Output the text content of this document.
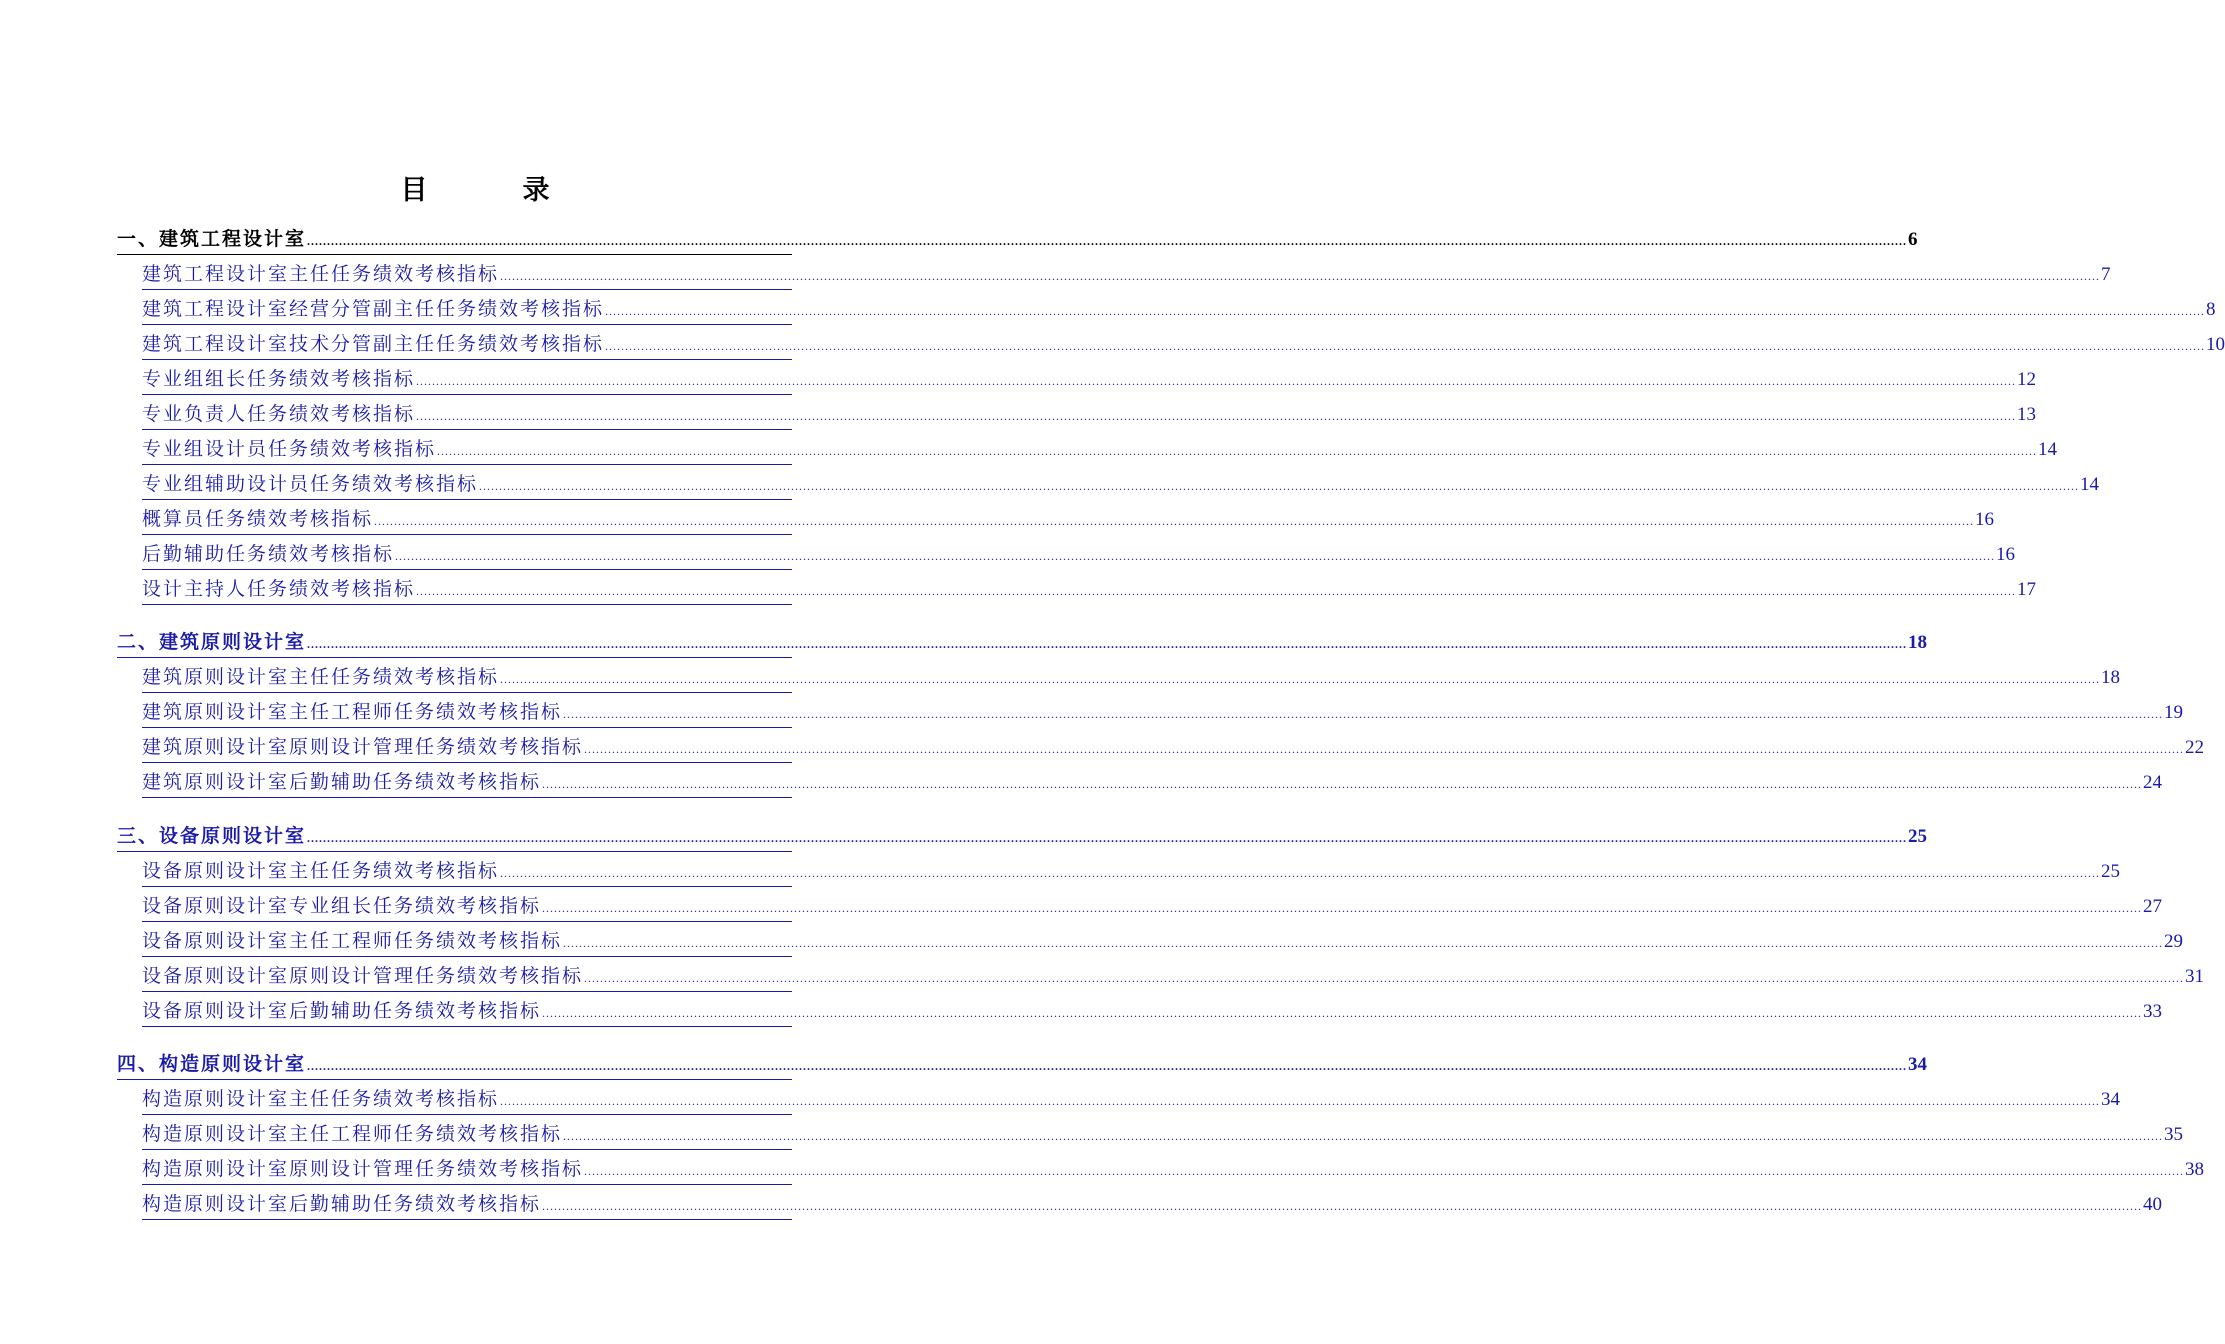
目　录
一、建筑工程设计室 ................................................................................................................................................................................................................................................................................................................................................................................................................ 6
建筑工程设计室主任任务绩效考核指标 ................................................................................................................................................................................................................................................................................................................................................................................................................ 7
建筑工程设计室经营分管副主任任务绩效考核指标 ................................................................................................................................................................................................................................................................................................................................................................................................................ 8
建筑工程设计室技术分管副主任任务绩效考核指标 ................................................................................................................................................................................................................................................................................................................................................................................................................ 10
专业组组长任务绩效考核指标 ................................................................................................................................................................................................................................................................................................................................................................................................................ 12
专业负责人任务绩效考核指标 ................................................................................................................................................................................................................................................................................................................................................................................................................ 13
专业组设计员任务绩效考核指标 ................................................................................................................................................................................................................................................................................................................................................................................................................ 14
专业组辅助设计员任务绩效考核指标 ................................................................................................................................................................................................................................................................................................................................................................................................................ 14
概算员任务绩效考核指标 ................................................................................................................................................................................................................................................................................................................................................................................................................ 16
后勤辅助任务绩效考核指标 ................................................................................................................................................................................................................................................................................................................................................................................................................ 16
设计主持人任务绩效考核指标 ................................................................................................................................................................................................................................................................................................................................................................................................................ 17
二、建筑原则设计室 ................................................................................................................................................................................................................................................................................................................................................................................................................ 18
建筑原则设计室主任任务绩效考核指标 ................................................................................................................................................................................................................................................................................................................................................................................................................ 18
建筑原则设计室主任工程师任务绩效考核指标 ................................................................................................................................................................................................................................................................................................................................................................................................................ 19
建筑原则设计室原则设计管理任务绩效考核指标 ................................................................................................................................................................................................................................................................................................................................................................................................................ 22
建筑原则设计室后勤辅助任务绩效考核指标 ................................................................................................................................................................................................................................................................................................................................................................................................................ 24
三、设备原则设计室 ................................................................................................................................................................................................................................................................................................................................................................................................................ 25
设备原则设计室主任任务绩效考核指标 ................................................................................................................................................................................................................................................................................................................................................................................................................ 25
设备原则设计室专业组长任务绩效考核指标 ................................................................................................................................................................................................................................................................................................................................................................................................................ 27
设备原则设计室主任工程师任务绩效考核指标 ................................................................................................................................................................................................................................................................................................................................................................................................................ 29
设备原则设计室原则设计管理任务绩效考核指标 ................................................................................................................................................................................................................................................................................................................................................................................................................ 31
设备原则设计室后勤辅助任务绩效考核指标 ................................................................................................................................................................................................................................................................................................................................................................................................................ 33
四、构造原则设计室 ................................................................................................................................................................................................................................................................................................................................................................................................................ 34
构造原则设计室主任任务绩效考核指标 ................................................................................................................................................................................................................................................................................................................................................................................................................ 34
构造原则设计室主任工程师任务绩效考核指标 ................................................................................................................................................................................................................................................................................................................................................................................................................ 35
构造原则设计室原则设计管理任务绩效考核指标 ................................................................................................................................................................................................................................................................................................................................................................................................................ 38
构造原则设计室后勤辅助任务绩效考核指标 ................................................................................................................................................................................................................................................................................................................................................................................................................ 40
